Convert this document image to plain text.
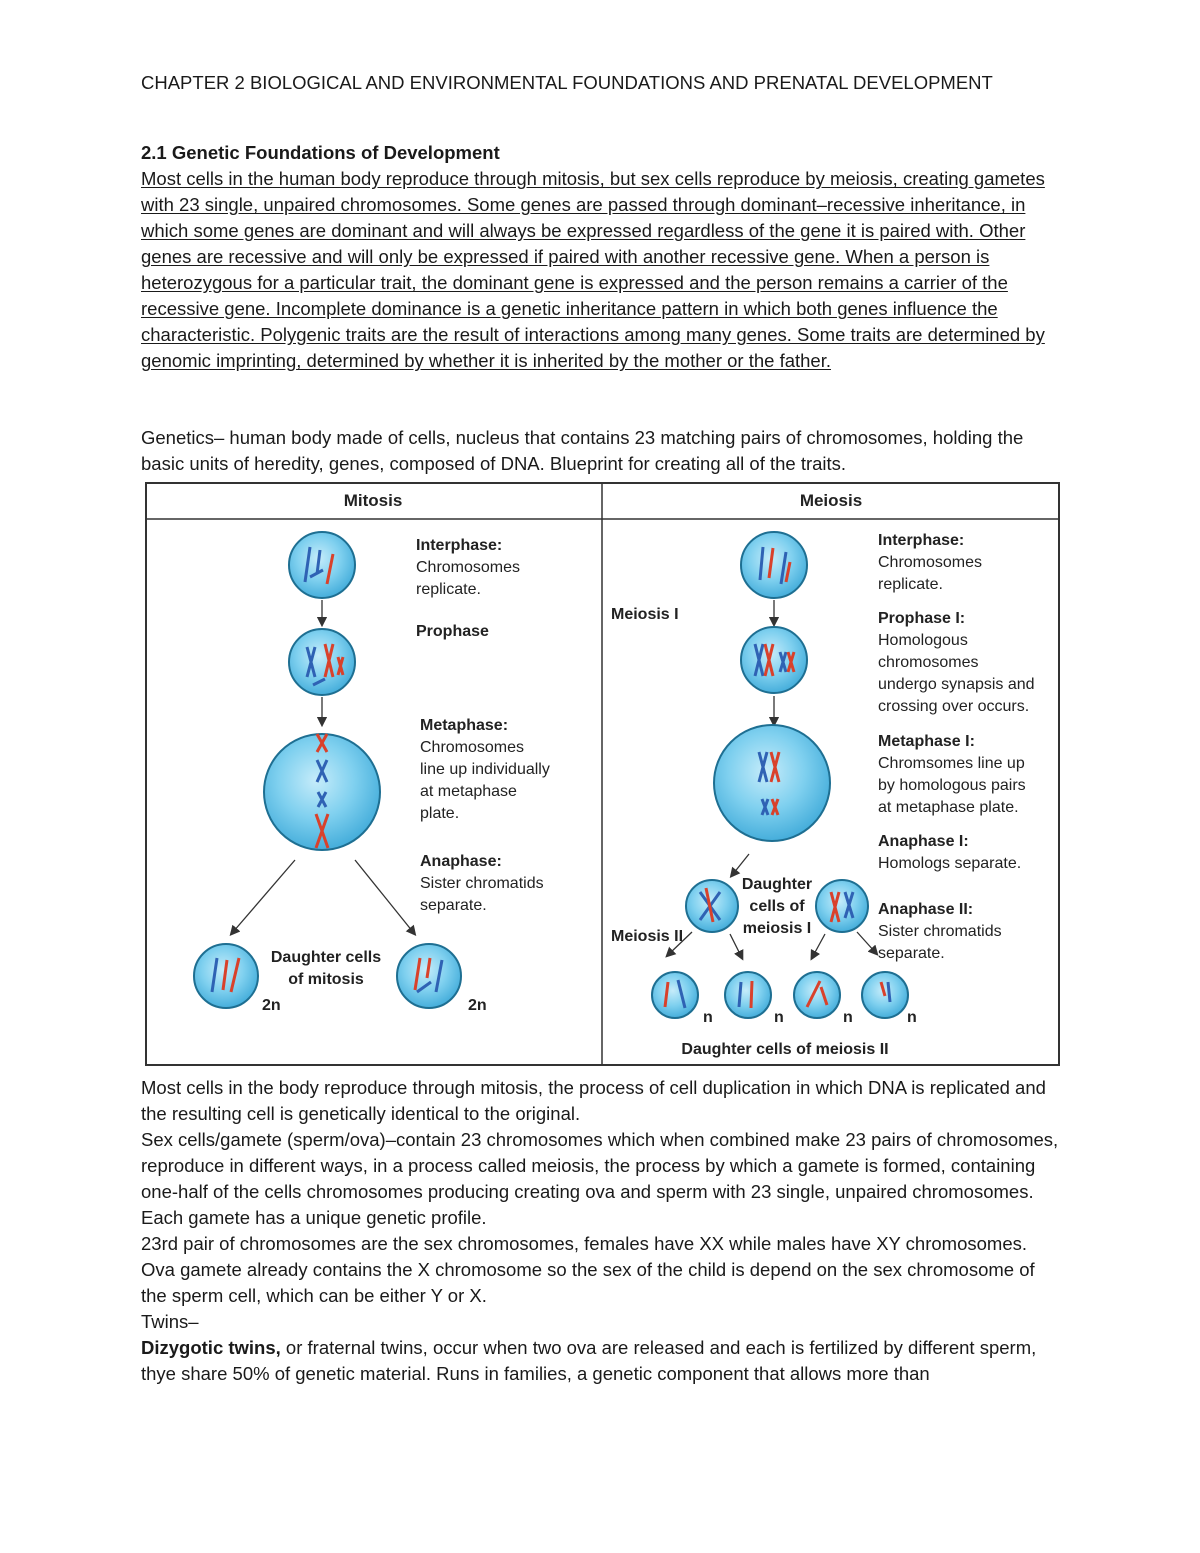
CHAPTER 2 BIOLOGICAL AND ENVIRONMENTAL FOUNDATIONS AND PRENATAL DEVELOPMENT
2.1 Genetic Foundations of Development
Most cells in the human body reproduce through mitosis, but sex cells reproduce by meiosis, creating gametes with 23 single, unpaired chromosomes. Some genes are passed through dominant–recessive inheritance, in which some genes are dominant and will always be expressed regardless of the gene it is paired with. Other genes are recessive and will only be expressed if paired with another recessive gene. When a person is heterozygous for a particular trait, the dominant gene is expressed and the person remains a carrier of the recessive gene. Incomplete dominance is a genetic inheritance pattern in which both genes influence the characteristic. Polygenic traits are the result of interactions among many genes. Some traits are determined by genomic imprinting, determined by whether it is inherited by the mother or the father.

Genetics– human body made of cells, nucleus that contains 23 matching pairs of chromosomes, holding the basic units of heredity, genes, composed of DNA. Blueprint for creating all of the traits.

Mitosis	Meiosis
Interphase:
Chromosomes
replicate.
Prophase
Metaphase:
Chromosomes
line up individually
at metaphase
plate.
Anaphase:
Sister chromatids
separate.
Daughter cells
of mitosis
2n	2n
Meiosis I
Meiosis II
Interphase:
Chromosomes
replicate.
Prophase I:
Homologous
chromosomes
undergo synapsis and
crossing over occurs.
Metaphase I:
Chromsomes line up
by homologous pairs
at metaphase plate.
Anaphase I:
Homologs separate.
Anaphase II:
Sister chromatids
separate.
Daughter
cells of
meiosis I
n	n	n	n
Daughter cells of meiosis II

Most cells in the body reproduce through mitosis, the process of cell duplication in which DNA is replicated and the resulting cell is genetically identical to the original.

Sex cells/gamete (sperm/ova)–contain 23 chromosomes which when combined make 23 pairs of chromosomes, reproduce in different ways, in a process called meiosis, the process by which a gamete is formed, containing one-half of the cells chromosomes producing creating ova and sperm with 23 single, unpaired chromosomes. Each gamete has a unique genetic profile.

23rd pair of chromosomes are the sex chromosomes, females have XX while males have XY chromosomes. Ova gamete already contains the X chromosome so the sex of the child is depend on the sex chromosome of the sperm cell, which can be either Y or X.

Twins–

Dizygotic twins, or fraternal twins, occur when two ova are released and each is fertilized by different sperm, thye share 50% of genetic material. Runs in families, a genetic component that allows more than
